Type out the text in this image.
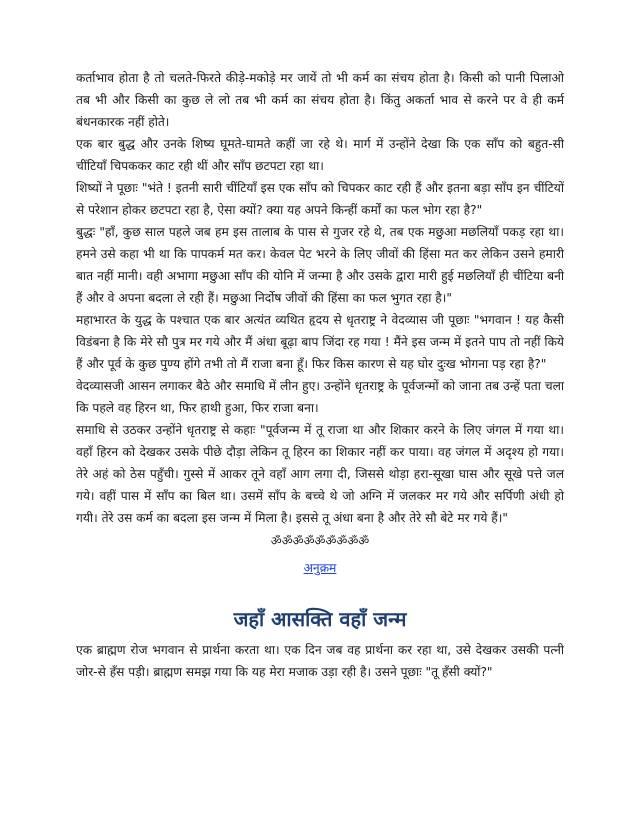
कर्ताभाव होता है तो चलते-फिरते कीड़े-मकोड़े मर जायें तो भी कर्म का संचय होता है। किसी को पानी पिलाओ तब भी और किसी का कुछ ले लो तब भी कर्म का संचय होता है। किंतु अकर्ता भाव से करने पर वे ही कर्म बंधनकारक नहीं होते।

एक बार बुद्ध और उनके शिष्य घूमते-घामते कहीं जा रहे थे। मार्ग में उन्होंने देखा कि एक साँप को बहुत-सी चींटियाँ चिपककर काट रही थीं और साँप छटपटा रहा था।

शिष्यों ने पूछाः "भंते ! इतनी सारी चींटियाँ इस एक साँप को चिपकर काट रही हैं और इतना बड़ा साँप इन चींटियों से परेशान होकर छटपटा रहा है, ऐसा क्यों? क्या यह अपने किन्हीं कर्मों का फल भोग रहा है?"

बुद्धः "हाँ, कुछ साल पहले जब हम इस तालाब के पास से गुजर रहे थे, तब एक मछुआ मछलियाँ पकड़ रहा था। हमने उसे कहा भी था कि पापकर्म मत कर। केवल पेट भरने के लिए जीवों की हिंसा मत कर लेकिन उसने हमारी बात नहीं मानी। वही अभागा मछुआ साँप की योनि में जन्मा है और उसके द्वारा मारी हुई मछलियाँ ही चींटिया बनी हैं और वे अपना बदला ले रही हैं। मछुआ निर्दोष जीवों की हिंसा का फल भुगत रहा है।"

महाभारत के युद्ध के पश्चात एक बार अत्यंत व्यथित हृदय से धृतराष्ट्र ने वेदव्यास जी पूछाः "भगवान ! यह कैसी विडंबना है कि मेरे सौ पुत्र मर गये और मैं अंधा बूढ़ा बाप जिंदा रह गया ! मैंने इस जन्म में इतने पाप तो नहीं किये हैं और पूर्व के कुछ पुण्य होंगे तभी तो मैं राजा बना हूँ। फिर किस कारण से यह घोर दुःख भोगना पड़ रहा है?"

वेदव्यासजी आसन लगाकर बैठे और समाधि में लीन हुए। उन्होंने धृतराष्ट्र के पूर्वजन्मों को जाना तब उन्हें पता चला कि पहले वह हिरन था, फिर हाथी हुआ, फिर राजा बना।

समाधि से उठकर उन्होंने धृतराष्ट्र से कहाः "पूर्वजन्म में तू राजा था और शिकार करने के लिए जंगल में गया था। वहाँ हिरन को देखकर उसके पीछे दौड़ा लेकिन तू हिरन का शिकार नहीं कर पाया। वह जंगल में अदृश्य हो गया। तेरे अहं को ठेस पहुँची। गुस्से में आकर तूने वहाँ आग लगा दी, जिससे थोड़ा हरा-सूखा घास और सूखे पत्ते जल गये। वहीं पास में साँप का बिल था। उसमें साँप के बच्चे थे जो अग्नि में जलकर मर गये और सर्पिणी अंधी हो गयी। तेरे उस कर्म का बदला इस जन्म में मिला है। इससे तू अंधा बना है और तेरे सौ बेटे मर गये हैं।"

ॐॐॐॐॐॐॐॐॐ
अनुक्रम
जहाँ आसक्ति वहाँ जन्म

एक ब्राह्मण रोज भगवान से प्रार्थना करता था। एक दिन जब वह प्रार्थना कर रहा था, उसे देखकर उसकी पत्नी जोर-से हँस पड़ी। ब्राह्मण समझ गया कि यह मेरा मजाक उड़ा रही है। उसने पूछाः "तू हँसी क्यों?"
